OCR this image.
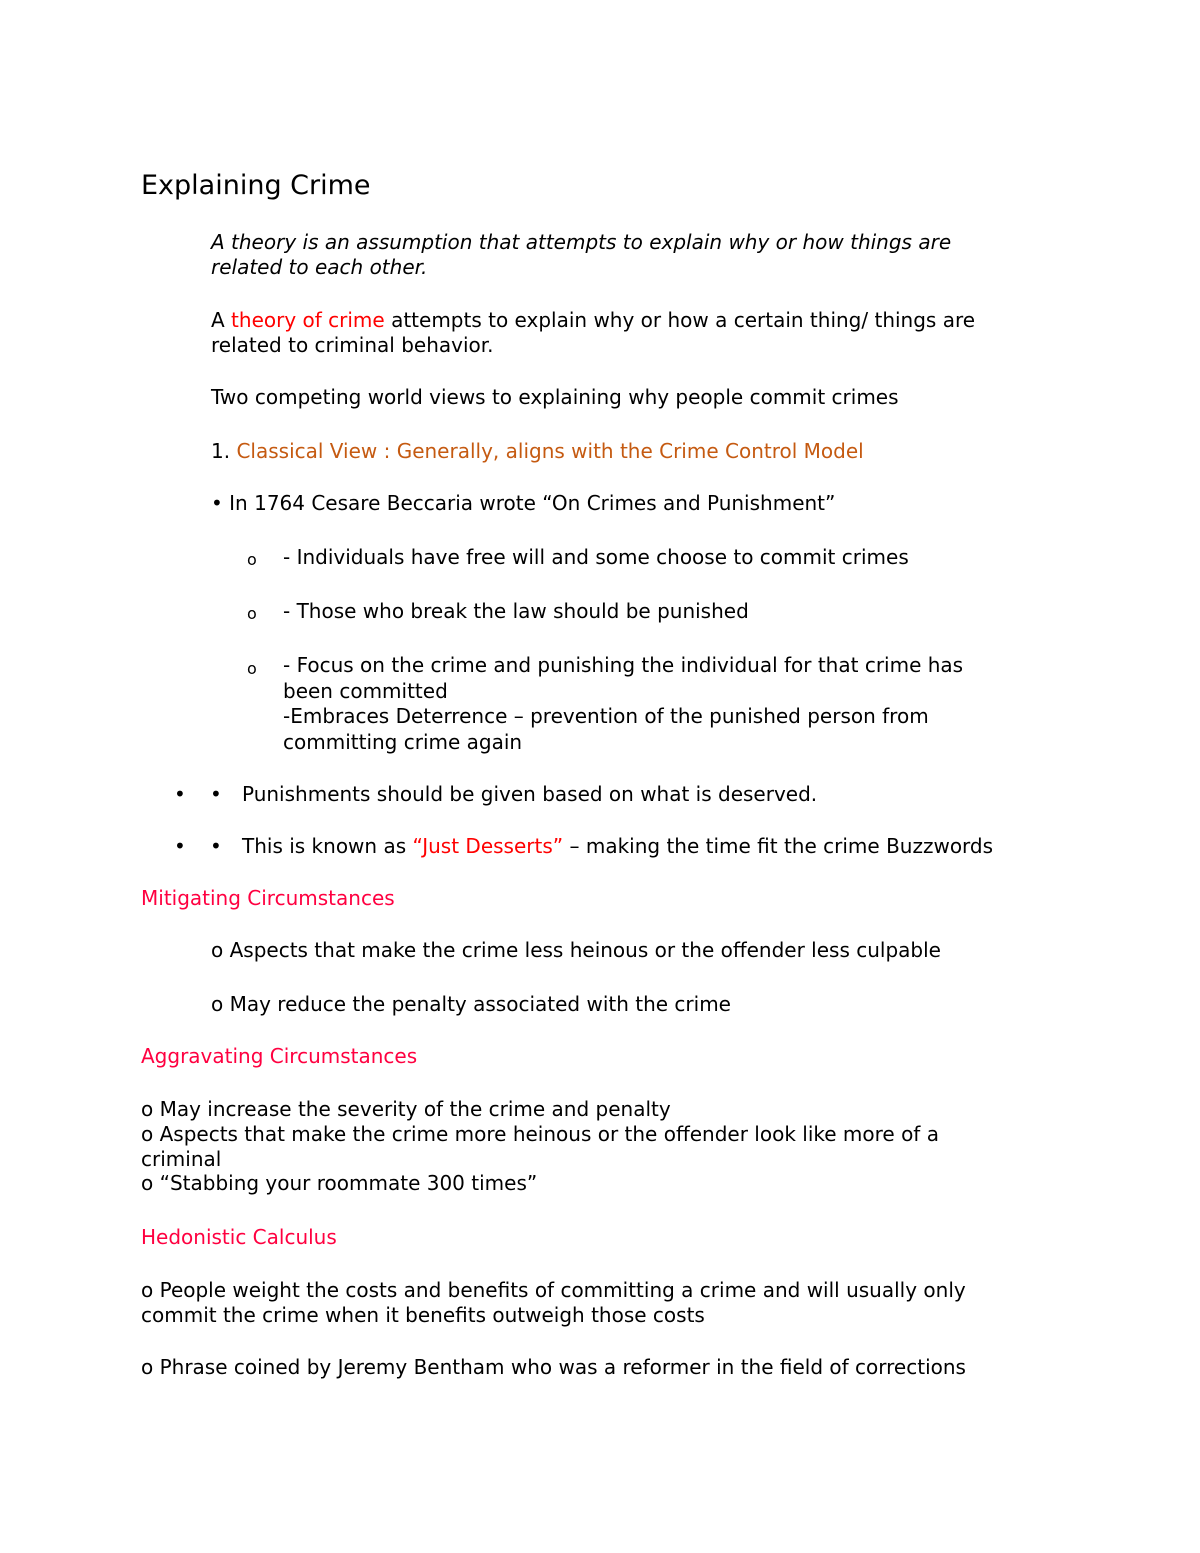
Explaining Crime
A theory is an assumption that attempts to explain why or how things are
related to each other.
A theory of crime attempts to explain why or how a certain thing/ things are
related to criminal behavior.
Two competing world views to explaining why people commit crimes
1. Classical View : Generally, aligns with the Crime Control Model
• In 1764 Cesare Beccaria wrote “On Crimes and Punishment”
o - Individuals have free will and some choose to commit crimes
o - Those who break the law should be punished
o - Focus on the crime and punishing the individual for that crime has
been committed
-Embraces Deterrence – prevention of the punished person from
committing crime again
• • Punishments should be given based on what is deserved.
• • This is known as “Just Desserts” – making the time fit the crime Buzzwords
Mitigating Circumstances
o Aspects that make the crime less heinous or the offender less culpable
o May reduce the penalty associated with the crime
Aggravating Circumstances
o May increase the severity of the crime and penalty
o Aspects that make the crime more heinous or the offender look like more of a
criminal
o “Stabbing your roommate 300 times”
Hedonistic Calculus
o People weight the costs and benefits of committing a crime and will usually only
commit the crime when it benefits outweigh those costs
o Phrase coined by Jeremy Bentham who was a reformer in the field of corrections
